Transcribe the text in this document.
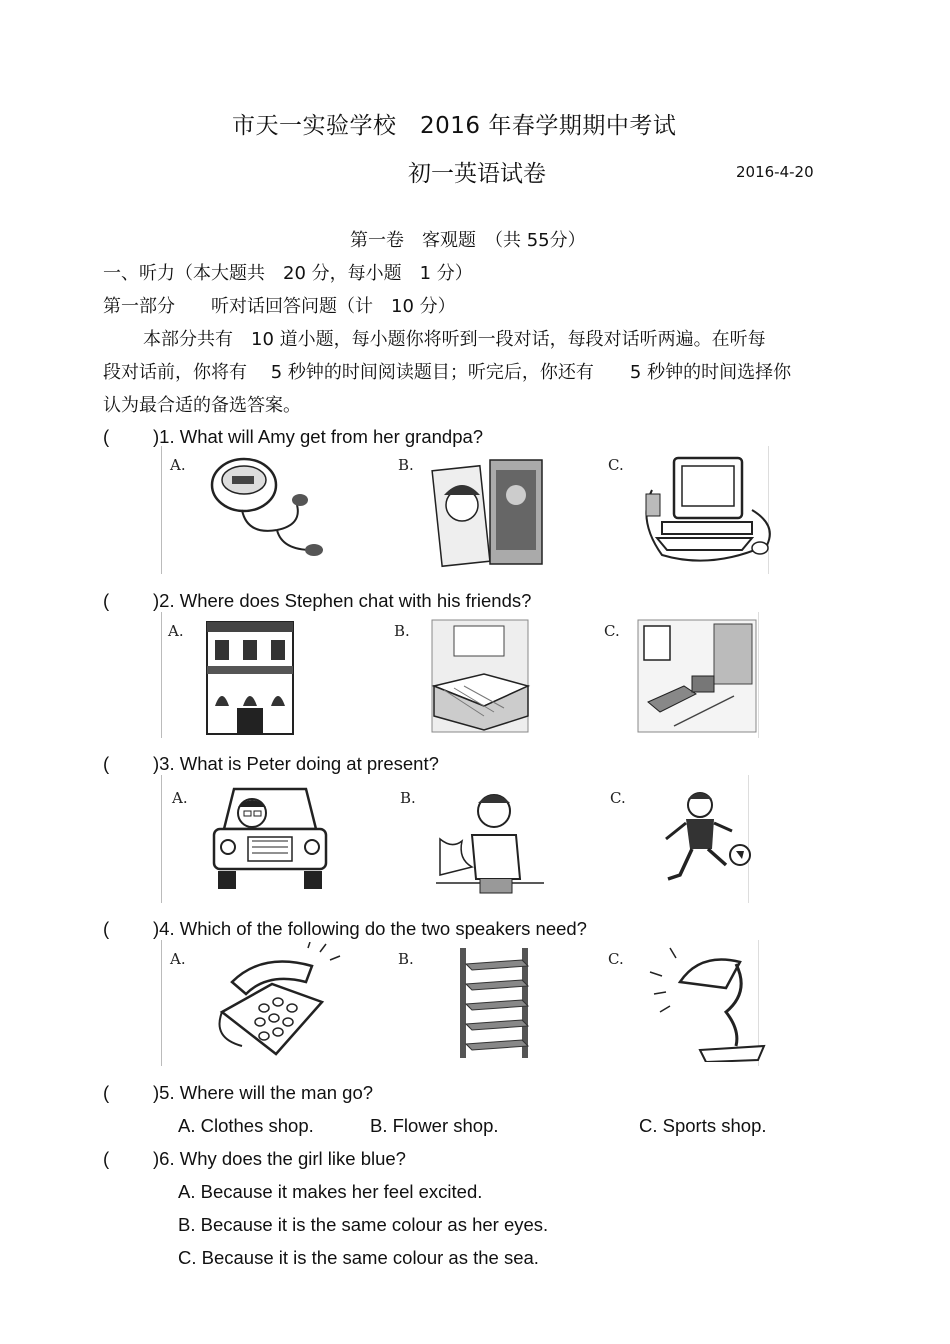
市天一实验学校　2016 年春学期期中考试
初一英语试卷	2016-4-20
第一卷　客观题　（共 55分）
一、听力（本大题共　20 分，每小题　1 分）
第一部分　　听对话回答问题（计　10 分）
本部分共有　10 道小题，每小题你将听到一段对话，每段对话听两遍。在听每
段对话前，你将有　 5 秒钟的时间阅读题目；听完后，你还有　　5 秒钟的时间选择你
认为最合适的备选答案。
( )1. What will Amy get from her grandpa?
A.	B.	C.
( )2. Where does Stephen chat with his friends?
A.	B.	C.
( )3. What is Peter doing at present?
A.	B.	C.
( )4. Which of the following do the two speakers need?
A.	B.	C.
( )5. Where will the man go?
A. Clothes shop.	B. Flower shop.	C. Sports shop.
( )6. Why does the girl like blue?
A. Because it makes her feel excited.
B. Because it is the same colour as her eyes.
C. Because it is the same colour as the sea.
